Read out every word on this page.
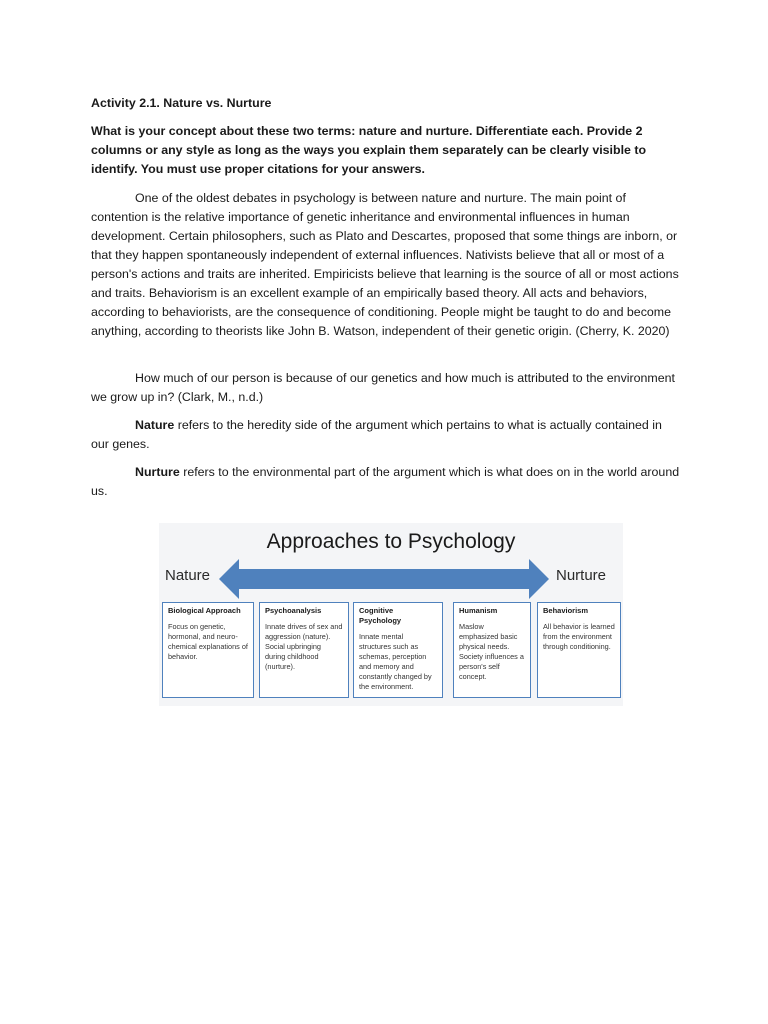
Activity 2.1. Nature vs. Nurture
What is your concept about these two terms: nature and nurture. Differentiate each. Provide 2 columns or any style as long as the ways you explain them separately can be clearly visible to identify. You must use proper citations for your answers.
One of the oldest debates in psychology is between nature and nurture. The main point of contention is the relative importance of genetic inheritance and environmental influences in human development. Certain philosophers, such as Plato and Descartes, proposed that some things are inborn, or that they happen spontaneously independent of external influences. Nativists believe that all or most of a person's actions and traits are inherited. Empiricists believe that learning is the source of all or most actions and traits. Behaviorism is an excellent example of an empirically based theory. All acts and behaviors, according to behaviorists, are the consequence of conditioning. People might be taught to do and become anything, according to theorists like John B. Watson, independent of their genetic origin. (Cherry, K. 2020)
How much of our person is because of our genetics and how much is attributed to the environment we grow up in? (Clark, M., n.d.)
Nature refers to the heredity side of the argument which pertains to what is actually contained in our genes.
Nurture refers to the environmental part of the argument which is what does on in the world around us.
Approaches to Psychology
Nature	Nurture
Biological Approach
Focus on genetic, hormonal, and neuro-chemical explanations of behavior.
Psychoanalysis
Innate drives of sex and aggression (nature). Social upbringing during childhood (nurture).
Cognitive Psychology
Innate mental structures such as schemas, perception and memory and constantly changed by the environment.
Humanism
Maslow emphasized basic physical needs. Society influences a person's self concept.
Behaviorism
All behavior is learned from the environment through conditioning.
